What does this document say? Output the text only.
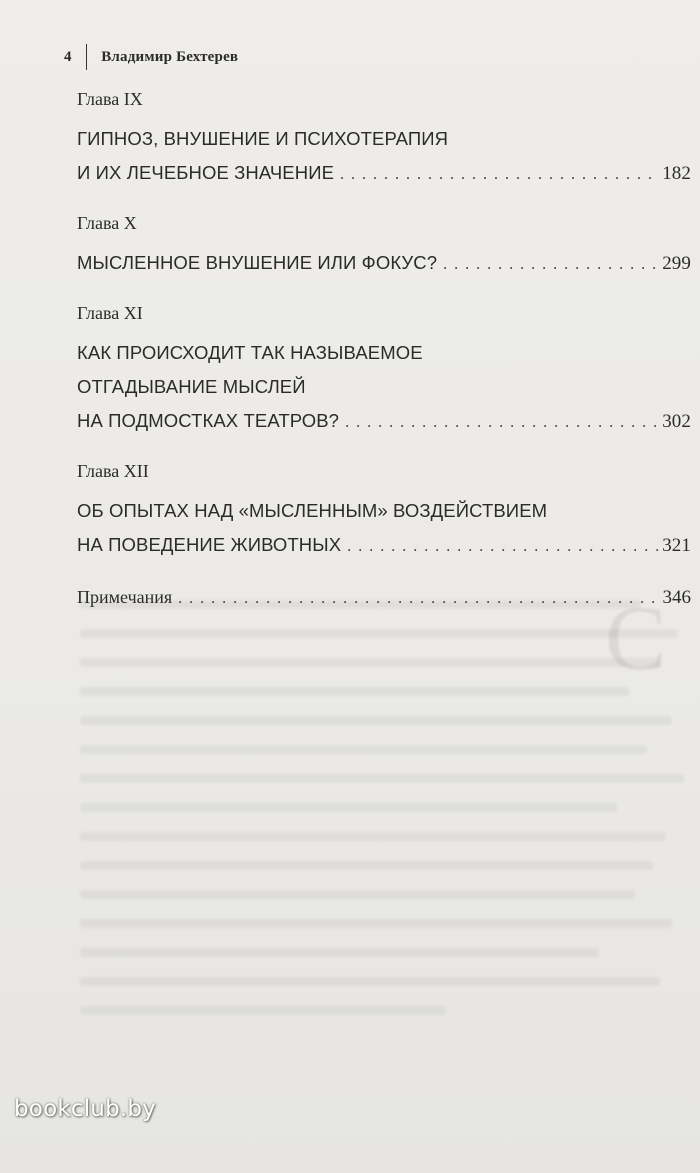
С
4 Владимир Бехтерев
Глава IX
ГИПНОЗ, ВНУШЕНИЕ И ПСИХОТЕРАПИЯ
И ИХ ЛЕЧЕБНОЕ ЗНАЧЕНИЕ . . .	182
Глава X
МЫСЛЕННОЕ ВНУШЕНИЕ ИЛИ ФОКУС? . . .	299
Глава XI
КАК ПРОИСХОДИТ ТАК НАЗЫВАЕМОЕ
ОТГАДЫВАНИЕ МЫСЛЕЙ
НА ПОДМОСТКАХ ТЕАТРОВ? . . .	302
Глава XII
ОБ ОПЫТАХ НАД «МЫСЛЕННЫМ» ВОЗДЕЙСТВИЕМ
НА ПОВЕДЕНИЕ ЖИВОТНЫХ . . .	321
Примечания . . .	346
bookclub.by
